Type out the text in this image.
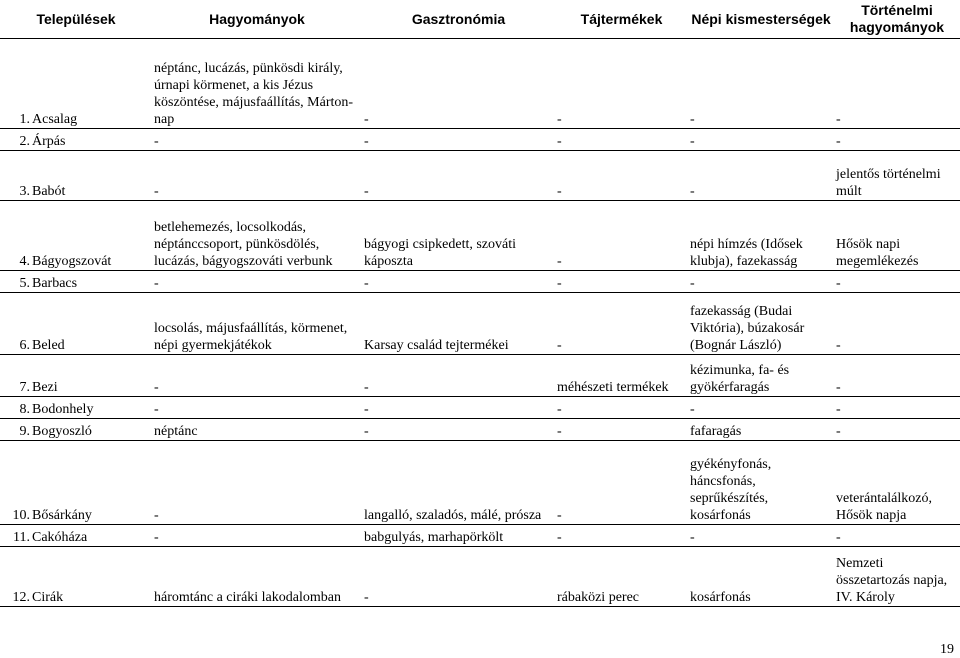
Települések		Hagyományok	Gasztronómia	Tájtermékek	Népi kismesterségek	Történelmi hagyományok
1.	Acsalag	néptánc, lucázás, pünkösdi király, úrnapi körmenet, a kis Jézus köszöntése, májusfaállítás, Márton-nap	-	-	-	-
2.	Árpás	-	-	-	-	-
3.	Babót	-	-	-	-	jelentős történelmi múlt
4.	Bágyogszovát	betlehemezés, locsolkodás, néptánccsoport, pünkösdölés, lucázás, bágyogszováti verbunk	bágyogi csipkedett, szováti káposzta	-	népi hímzés (Idősek klubja), fazekasság	Hősök napi megemlékezés
5.	Barbacs	-	-	-	-	-
6.	Beled	locsolás, májusfaállítás, körmenet, népi gyermekjátékok	Karsay család tejtermékei	-	fazekasság (Budai Viktória), búzakosár (Bognár László)	-
7.	Bezi	-	-	méhészeti termékek	kézimunka, fa- és gyökérfaragás	-
8.	Bodonhely	-	-	-	-	-
9.	Bogyoszló	néptánc	-	-	fafaragás	-
10.	Bősárkány	-	langalló, szaladós, málé, prósza	-	gyékényfonás, háncsfonás, seprűkészítés, kosárfonás	veterántalálkozó, Hősök napja
11.	Cakóháza	-	babgulyás, marhapörkölt	-	-	-
12.	Cirák	háromtánc a ciráki lakodalomban	-	rábaközi perec	kosárfonás	Nemzeti összetartozás napja, IV. Károly
19
